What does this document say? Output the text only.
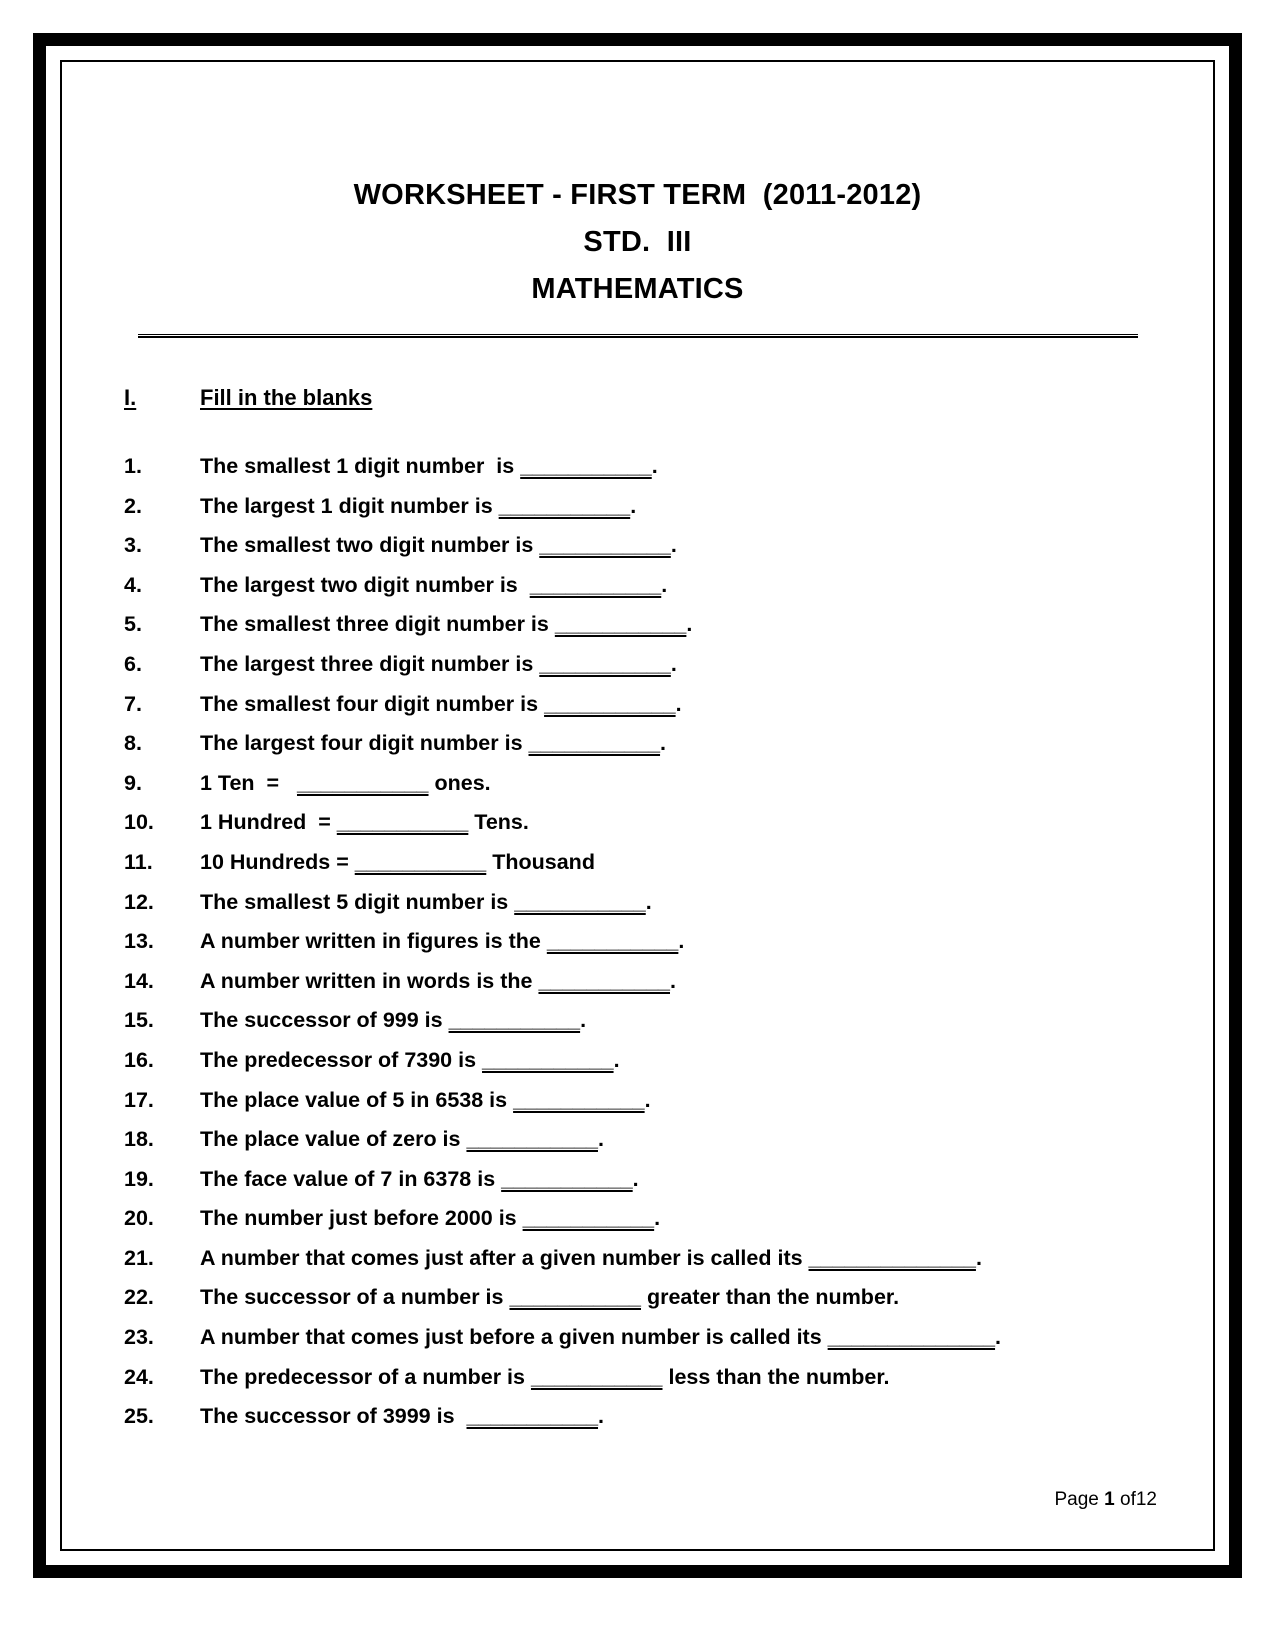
WORKSHEET - FIRST TERM  (2011-2012)
STD.  III
MATHEMATICS
I.	Fill in the blanks
1.	The smallest 1 digit number  is ___________.
2.	The largest 1 digit number is ___________.
3.	The smallest two digit number is ___________.
4.	The largest two digit number is  ___________.
5.	The smallest three digit number is ___________.
6.	The largest three digit number is ___________.
7.	The smallest four digit number is ___________.
8.	The largest four digit number is ___________.
9.	1 Ten  =   ___________ ones.
10.	1 Hundred  = ___________ Tens.
11.	10 Hundreds = ___________ Thousand
12.	The smallest 5 digit number is ___________.
13.	A number written in figures is the ___________.
14.	A number written in words is the ___________.
15.	The successor of 999 is ___________.
16.	The predecessor of 7390 is ___________.
17.	The place value of 5 in 6538 is ___________.
18.	The place value of zero is ___________.
19.	The face value of 7 in 6378 is ___________.
20.	The number just before 2000 is ___________.
21.	A number that comes just after a given number is called its ______________.
22.	The successor of a number is ___________ greater than the number.
23.	A number that comes just before a given number is called its ______________.
24.	The predecessor of a number is ___________ less than the number.
25.	The successor of 3999 is  ___________.
Page 1 of12
